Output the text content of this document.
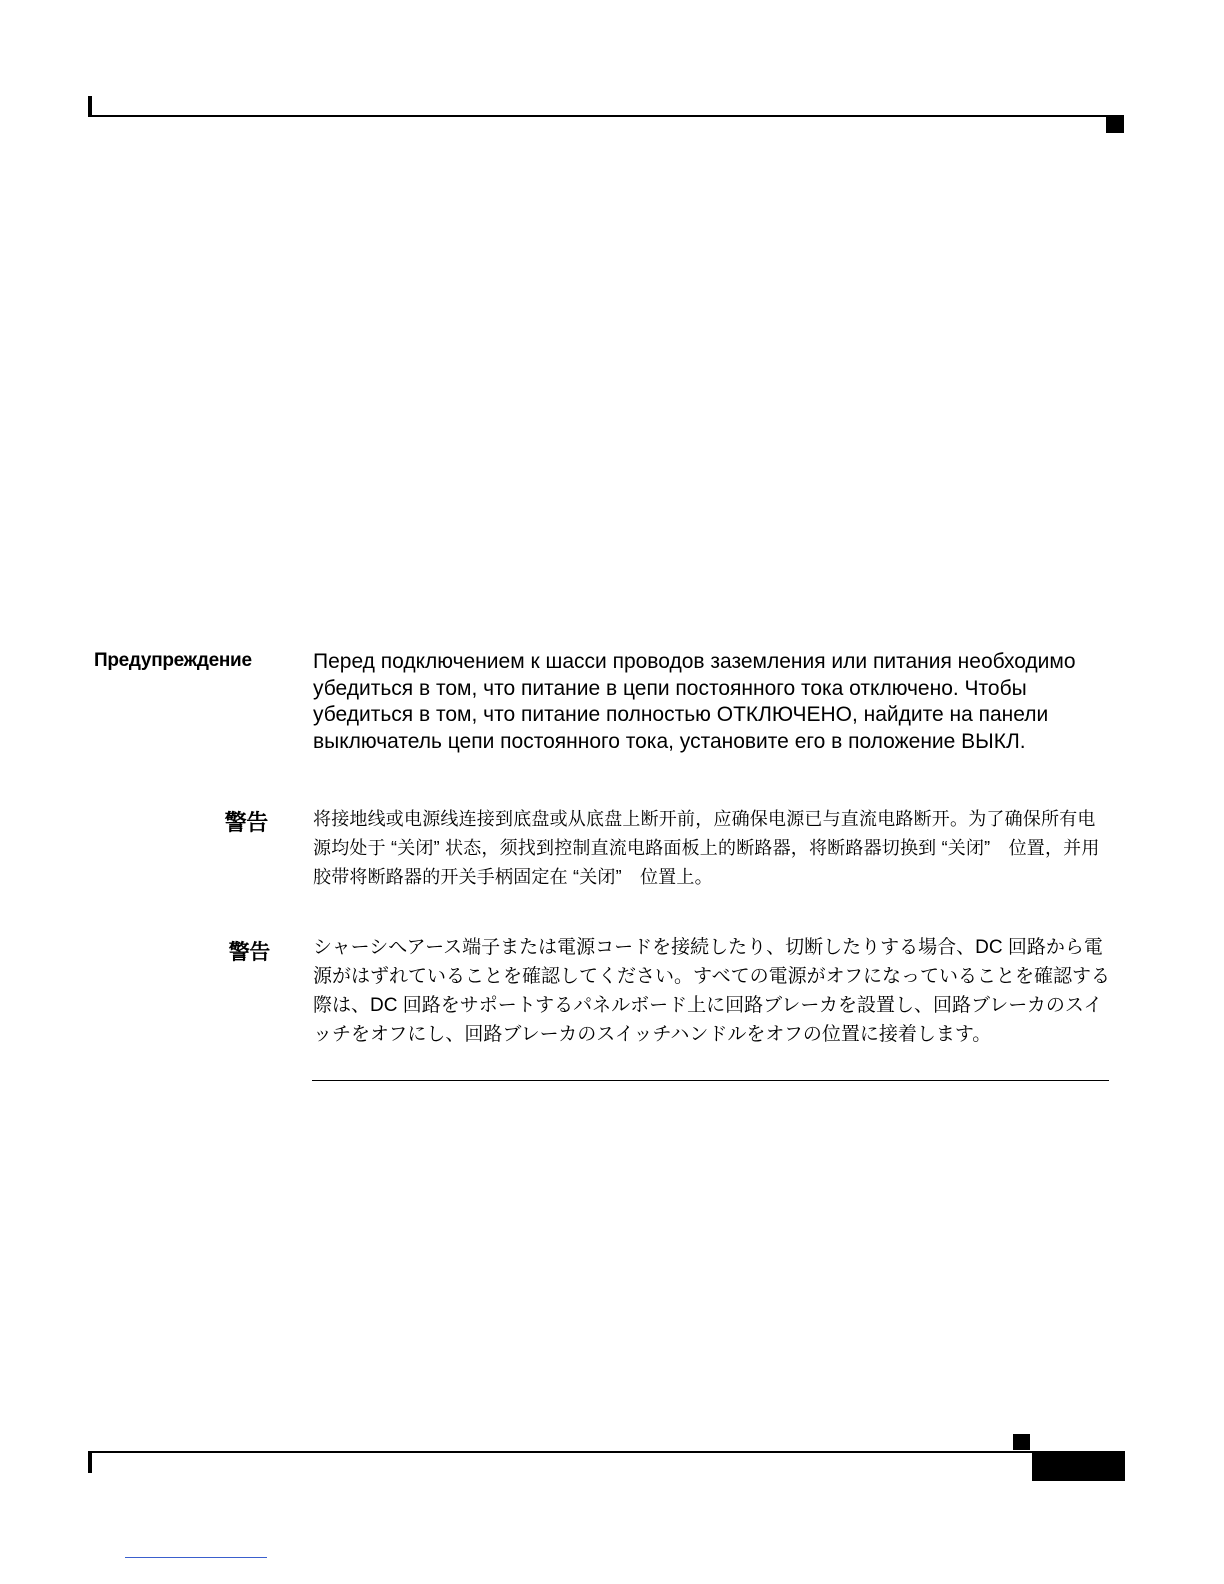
Предупреждение	Перед подключением к шасси проводов заземления или питания необходимо убедиться в том, что питание в цепи постоянного тока отключено. Чтобы убедиться в том, что питание полностью ОТКЛЮЧЕНО, найдите на панели выключатель цепи постоянного тока, установите его в положение ВЫКЛ.
警告	将接地线或电源线连接到底盘或从底盘上断开前，应确保电源已与直流电路断开。为了确保所有电源均处于 “关闭” 状态，须找到控制直流电路面板上的断路器，将断路器切换到 “关闭”　位置，并用胶带将断路器的开关手柄固定在 “关闭”　位置上。
警告 シャーシへアース端子または電源コードを接続したり、切断したりする場合、DC 回路から電源がはずれていることを確認してください。すべての電源がオフになっていることを確認する際は、DC 回路をサポートするパネルボード上に回路ブレーカを設置し、回路ブレーカのスイッチをオフにし、回路ブレーカのスイッチハンドルをオフの位置に接着します。
